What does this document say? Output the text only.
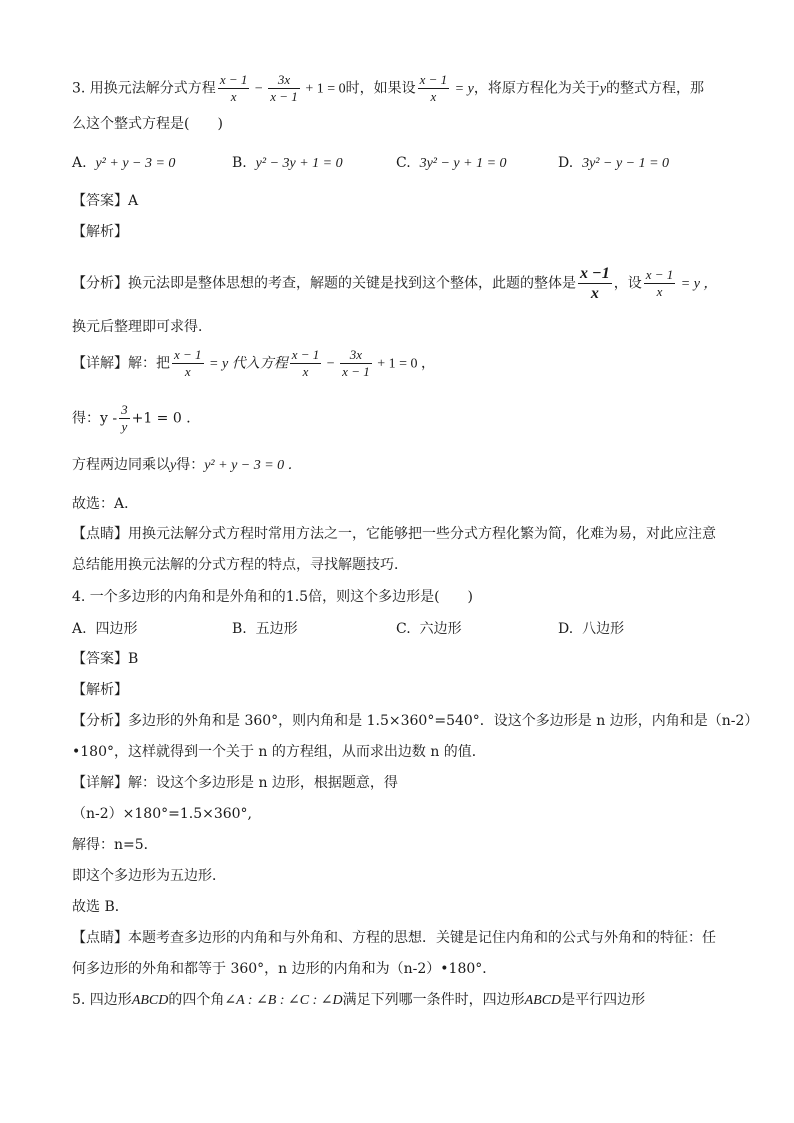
3. 用换元法解分式方程 $\frac{x - 1}{x} - \frac{3x}{x - 1} + 1 = 0$时，如果设 $\frac{x - 1}{x} = y$，将原方程化为关于y的整式方程，那
么这个整式方程是(　　)
A. y² + y − 3 = 0	B. y² − 3y + 1 = 0	C. 3y² − y + 1 = 0	D. 3y² − y − 1 = 0
【答案】A
【解析】
【分析】换元法即是整体思想的考查，解题的关键是找到这个整体，此题的整体是 $\frac{x -1}{x}$ ，设 $\frac{x - 1}{x} = y$ ，
换元后整理即可求得．
【详解】解：把 $\frac{x - 1}{x} = y$ 代入方程 $\frac{x - 1}{x} - \frac{3x}{x - 1} + 1 = 0$ ，
得：$y - \frac{3}{y} +1 = 0$ ．
方程两边同乘以y得：y² + y − 3 = 0 ．
故选：A．
【点睛】用换元法解分式方程时常用方法之一，它能够把一些分式方程化繁为简，化难为易，对此应注意
总结能用换元法解的分式方程的特点，寻找解题技巧．
4. 一个多边形的内角和是外角和的1.5倍，则这个多边形是(　　)
A. 四边形	B. 五边形	C. 六边形	D. 八边形
【答案】B
【解析】
【分析】多边形的外角和是 360°，则内角和是 1.5×360°=540°．设这个多边形是 n 边形，内角和是（n-2）
•180°，这样就得到一个关于 n 的方程组，从而求出边数 n 的值．
【详解】解：设这个多边形是 n 边形，根据题意，得
（n-2）×180°=1.5×360°,
解得：n=5．
即这个多边形为五边形．
故选 B．
【点睛】本题考查多边形的内角和与外角和、方程的思想．关键是记住内角和的公式与外角和的特征：任
何多边形的外角和都等于 360°，n 边形的内角和为（n-2）•180°．
5. 四边形ABCD的四个角∠A : ∠B : ∠C : ∠D满足下列哪一条件时，四边形ABCD是平行四边形
